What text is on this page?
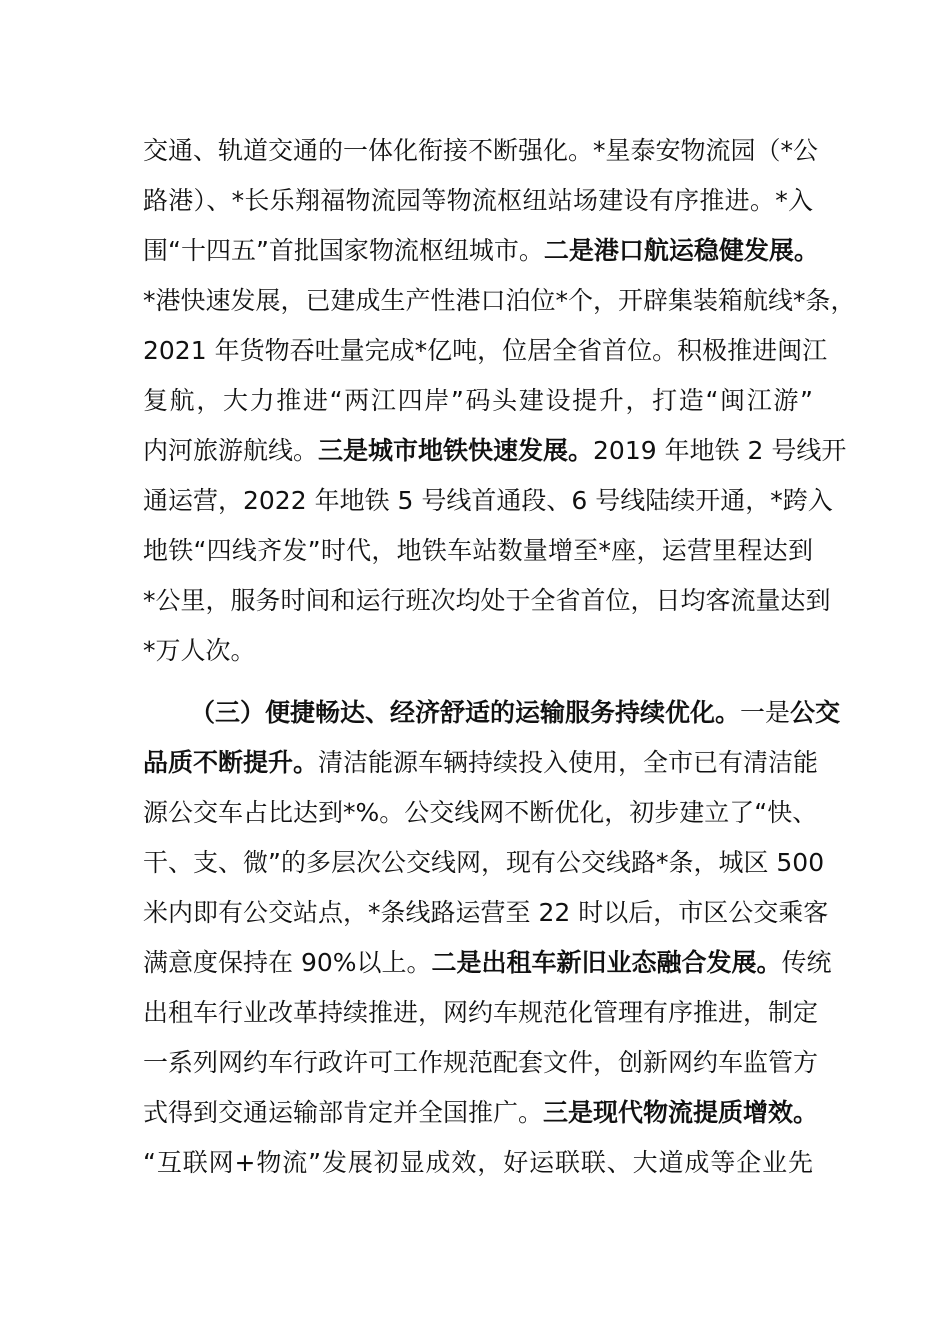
交通、轨道交通的一体化衔接不断强化。*星泰安物流园（*公
路港）、*长乐翔福物流园等物流枢纽站场建设有序推进。*入
围“十四五”首批国家物流枢纽城市。二是港口航运稳健发展。
*港快速发展，已建成生产性港口泊位*个，开辟集装箱航线*条，
2021 年货物吞吐量完成*亿吨，位居全省首位。积极推进闽江
复航，大力推进“两江四岸”码头建设提升，打造“闽江游”
内河旅游航线。三是城市地铁快速发展。2019 年地铁 2 号线开
通运营，2022 年地铁 5 号线首通段、6 号线陆续开通，*跨入
地铁“四线齐发”时代，地铁车站数量增至*座，运营里程达到
*公里，服务时间和运行班次均处于全省首位，日均客流量达到
*万人次。
（三）便捷畅达、经济舒适的运输服务持续优化。一是公交
品质不断提升。清洁能源车辆持续投入使用，全市已有清洁能
源公交车占比达到*%。公交线网不断优化，初步建立了“快、
干、支、微”的多层次公交线网，现有公交线路*条，城区 500
米内即有公交站点，*条线路运营至 22 时以后，市区公交乘客
满意度保持在 90%以上。二是出租车新旧业态融合发展。传统
出租车行业改革持续推进，网约车规范化管理有序推进，制定
一系列网约车行政许可工作规范配套文件，创新网约车监管方
式得到交通运输部肯定并全国推广。三是现代物流提质增效。
“互联网+物流”发展初显成效，好运联联、大道成等企业先
